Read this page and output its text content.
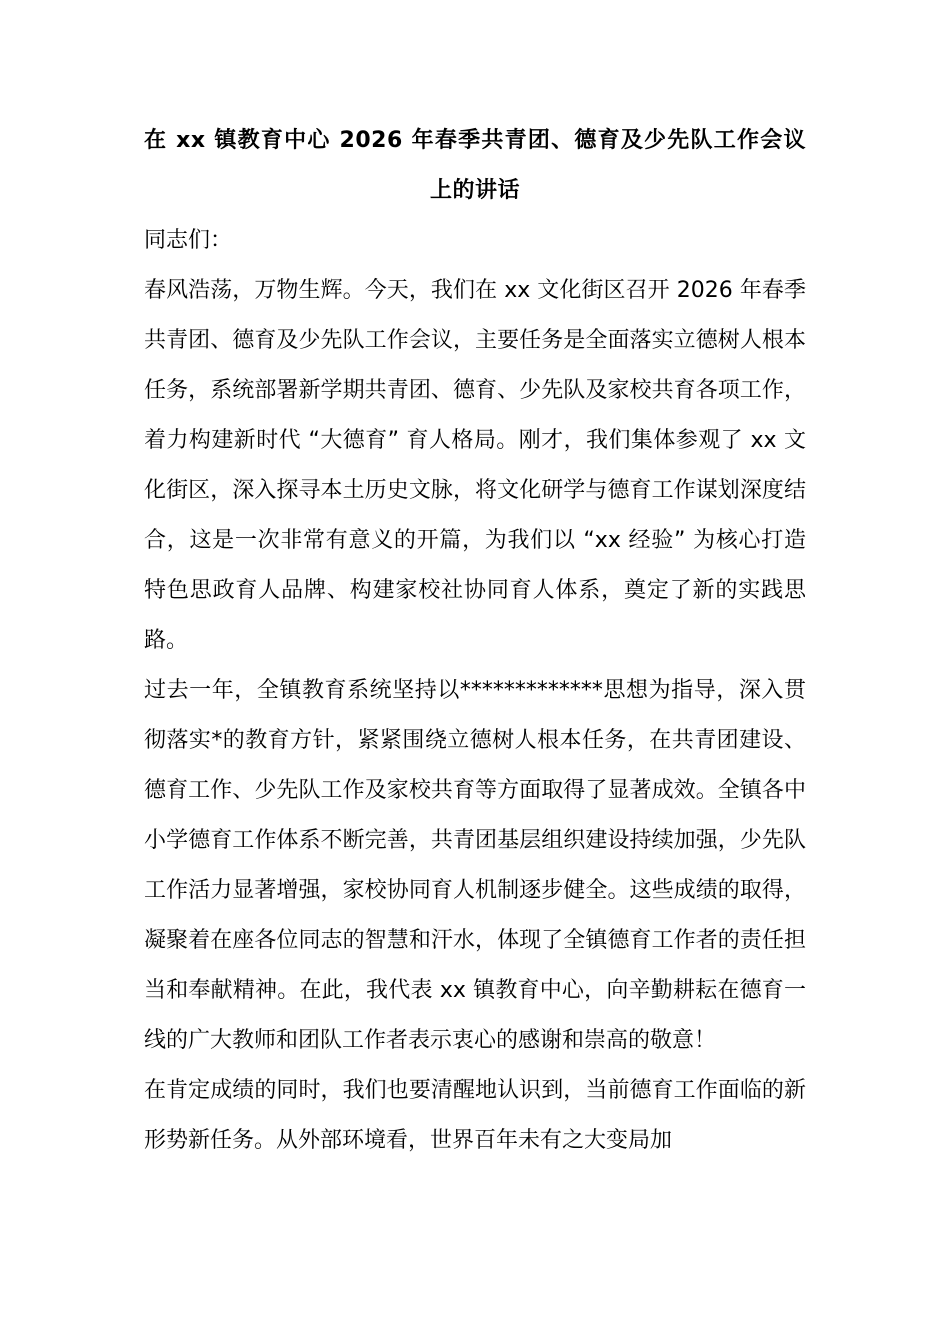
在 xx 镇教育中心 2026 年春季共青团、德育及少先队工作会议上的讲话

同志们：

春风浩荡，万物生辉。今天，我们在 xx 文化街区召开 2026 年春季共青团、德育及少先队工作会议，主要任务是全面落实立德树人根本任务，系统部署新学期共青团、德育、少先队及家校共育各项工作，着力构建新时代 “大德育” 育人格局。刚才，我们集体参观了 xx 文化街区，深入探寻本土历史文脉，将文化研学与德育工作谋划深度结合，这是一次非常有意义的开篇，为我们以 “xx 经验” 为核心打造特色思政育人品牌、构建家校社协同育人体系，奠定了新的实践思路。

过去一年，全镇教育系统坚持以*************思想为指导，深入贯彻落实*的教育方针，紧紧围绕立德树人根本任务，在共青团建设、德育工作、少先队工作及家校共育等方面取得了显著成效。全镇各中小学德育工作体系不断完善，共青团基层组织建设持续加强，少先队工作活力显著增强，家校协同育人机制逐步健全。这些成绩的取得，凝聚着在座各位同志的智慧和汗水，体现了全镇德育工作者的责任担当和奉献精神。在此，我代表 xx 镇教育中心，向辛勤耕耘在德育一线的广大教师和团队工作者表示衷心的感谢和崇高的敬意！

在肯定成绩的同时，我们也要清醒地认识到，当前德育工作面临的新形势新任务。从外部环境看，世界百年未有之大变局加
